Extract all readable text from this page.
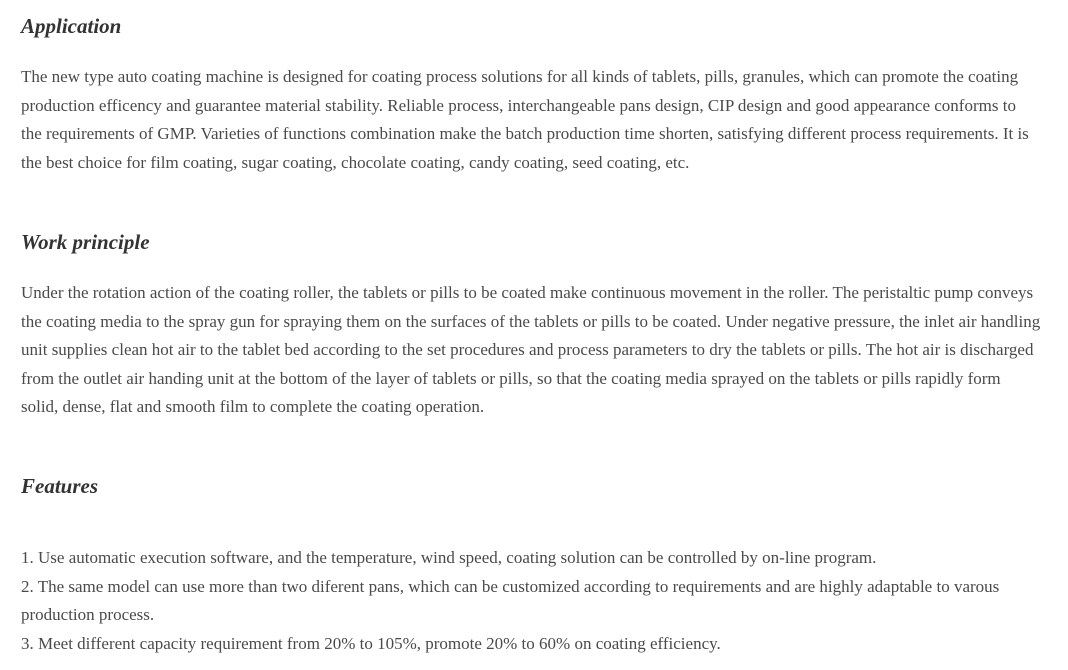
Application

The new type auto coating machine is designed for coating process solutions for all kinds of tablets, pills, granules, which can promote the coating production efficency and guarantee material stability. Reliable process, interchangeable pans design, CIP design and good appearance conforms to the requirements of GMP. Varieties of functions combination make the batch production time shorten, satisfying different process requirements. It is the best choice for film coating, sugar coating, chocolate coating, candy coating, seed coating, etc.

Work principle

Under the rotation action of the coating roller, the tablets or pills to be coated make continuous movement in the roller. The peristaltic pump conveys the coating media to the spray gun for spraying them on the surfaces of the tablets or pills to be coated. Under negative pressure, the inlet air handling unit supplies clean hot air to the tablet bed according to the set procedures and process parameters to dry the tablets or pills. The hot air is discharged from the outlet air handing unit at the bottom of the layer of tablets or pills, so that the coating media sprayed on the tablets or pills rapidly form solid, dense, flat and smooth film to complete the coating operation.

Features
1. Use automatic execution software, and the temperature, wind speed, coating solution can be controlled by on-line program.
2. The same model can use more than two diferent pans, which can be customized according to requirements and are highly adaptable to varous production process.
3. Meet different capacity requirement from 20% to 105%, promote 20% to 60% on coating efficiency.
